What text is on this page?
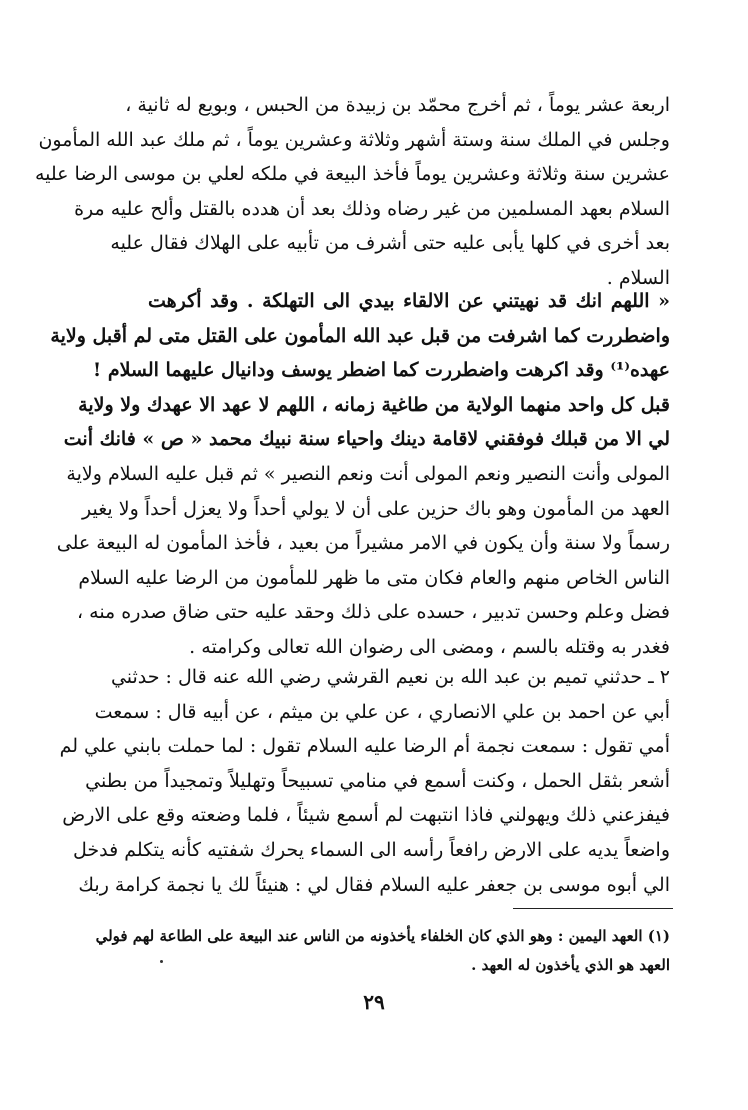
اربعة عشر يوماً ، ثم أخرج محمّد بن زبيدة من الحبس ، وبويع له ثانية ،
وجلس في الملك سنة وستة أشهر وثلاثة وعشرين يوماً ، ثم ملك عبد الله المأمون
عشرين سنة وثلاثة وعشرين يوماً فأخذ البيعة في ملكه لعلي بن موسى الرضا عليه
السلام بعهد المسلمين من غير رضاه وذلك بعد أن هدده بالقتل وألح عليه مرة
بعد أخرى في كلها يأبى عليه حتى أشرف من تأبيه على الهلاك فقال عليه
السلام .
« اللهم انك قد نهيتني عن الالقاء بيدي الى التهلكة . وقد أكرهت
واضطررت كما اشرفت من قبل عبد الله المأمون على القتل متى لم أقبل ولاية
عهده⁽¹⁾ وقد اكرهت واضطررت كما اضطر يوسف ودانيال عليهما السلام !
قبل كل واحد منهما الولاية من طاغية زمانه ، اللهم لا عهد الا عهدك ولا ولاية
لي الا من قبلك فوفقني لاقامة دينك واحياء سنة نبيك محمد « ص » فانك أنت
المولى وأنت النصير ونعم المولى أنت ونعم النصير » ثم قبل عليه السلام ولاية
العهد من المأمون وهو باك حزين على أن لا يولي أحداً ولا يعزل أحداً ولا يغير
رسماً ولا سنة وأن يكون في الامر مشيراً من بعيد ، فأخذ المأمون له البيعة على
الناس الخاص منهم والعام فكان متى ما ظهر للمأمون من الرضا عليه السلام
فضل وعلم وحسن تدبير ، حسده على ذلك وحقد عليه حتى ضاق صدره منه ،
فغدر به وقتله بالسم ، ومضى الى رضوان الله تعالى وكرامته .
٢ ـ حدثني تميم بن عبد الله بن نعيم القرشي رضي الله عنه قال : حدثني
أبي عن احمد بن علي الانصاري ، عن علي بن ميثم ، عن أبيه قال : سمعت
أمي تقول : سمعت نجمة أم الرضا عليه السلام تقول : لما حملت بابني علي لم
أشعر بثقل الحمل ، وكنت أسمع في منامي تسبيحاً وتهليلاً وتمجيداً من بطني
فيفزعني ذلك ويهولني فاذا انتبهت لم أسمع شيئاً ، فلما وضعته وقع على الارض
واضعاً يديه على الارض رافعاً رأسه الى السماء يحرك شفتيه كأنه يتكلم فدخل
الي أبوه موسى بن جعفر عليه السلام فقال لي : هنيئاً لك يا نجمة كرامة ربك
(١) العهد اليمين : وهو الذي كان الخلفاء يأخذونه من الناس عند البيعة على الطاعة لهم فولي
العهد هو الذي يأخذون له العهد .
٢٩
